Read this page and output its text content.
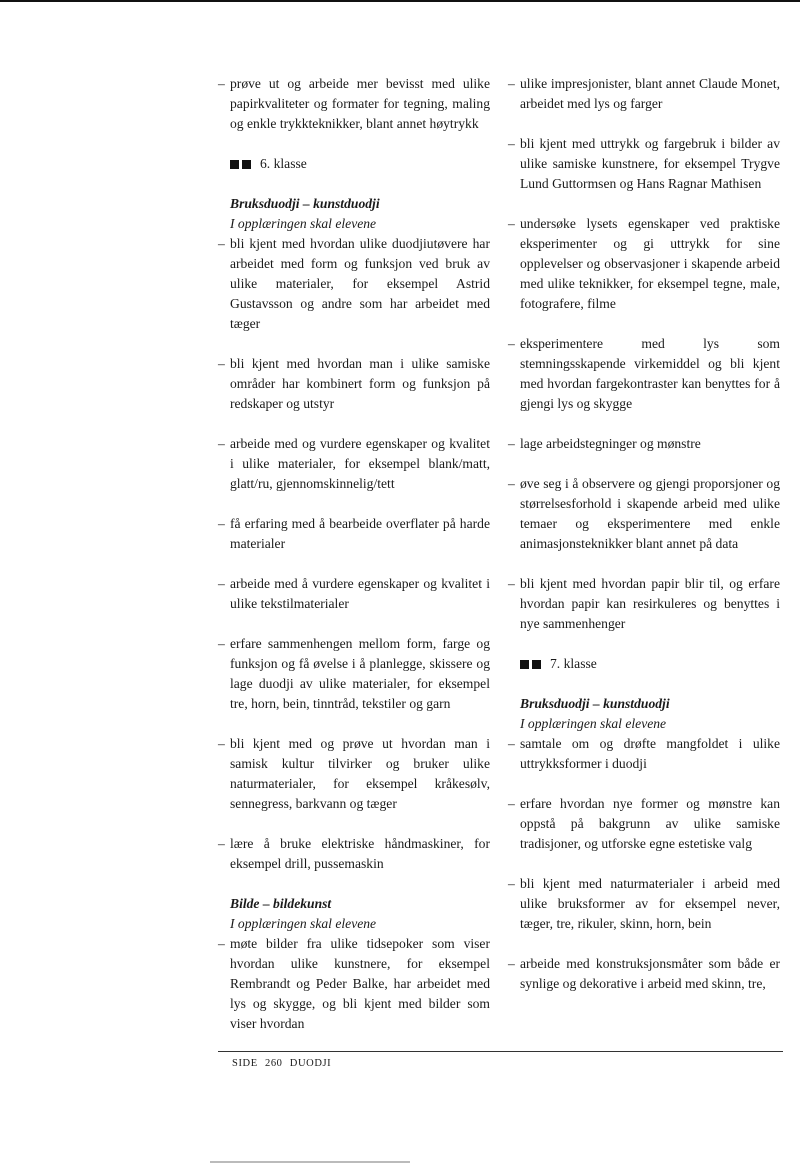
– prøve ut og arbeide mer bevisst med ulike papirkvaliteter og formater for tegning, maling og enkle trykkteknikker, blant annet høytrykk
6. klasse
Bruksduodji – kunstduodji
I opplæringen skal elevene
– bli kjent med hvordan ulike duodjiutøvere har arbeidet med form og funksjon ved bruk av ulike materialer, for eksempel Astrid Gustavsson og andre som har arbeidet med tæger
– bli kjent med hvordan man i ulike samiske områder har kombinert form og funksjon på redskaper og utstyr
– arbeide med og vurdere egenskaper og kvalitet i ulike materialer, for eksempel blank/matt, glatt/ru, gjennomskinnelig/tett
– få erfaring med å bearbeide overflater på harde materialer
– arbeide med å vurdere egenskaper og kvalitet i ulike tekstilmaterialer
– erfare sammenhengen mellom form, farge og funksjon og få øvelse i å planlegge, skissere og lage duodji av ulike materialer, for eksempel tre, horn, bein, tinntråd, tekstiler og garn
– bli kjent med og prøve ut hvordan man i samisk kultur tilvirker og bruker ulike naturmaterialer, for eksempel kråkesølv, sennegress, barkvann og tæger
– lære å bruke elektriske håndmaskiner, for eksempel drill, pussemaskin
Bilde – bildekunst
I opplæringen skal elevene
– møte bilder fra ulike tidsepoker som viser hvordan ulike kunstnere, for eksempel Rembrandt og Peder Balke, har arbeidet med lys og skygge, og bli kjent med bilder som viser hvordan
– ulike impresjonister, blant annet Claude Monet, arbeidet med lys og farger
– bli kjent med uttrykk og fargebruk i bilder av ulike samiske kunstnere, for eksempel Trygve Lund Guttormsen og Hans Ragnar Mathisen
– undersøke lysets egenskaper ved praktiske eksperimenter og gi uttrykk for sine opplevelser og observasjoner i skapende arbeid med ulike teknikker, for eksempel tegne, male, fotografere, filme
– eksperimentere med lys som stemningsskapende virkemiddel og bli kjent med hvordan fargekontraster kan benyttes for å gjengi lys og skygge
– lage arbeidstegninger og mønstre
– øve seg i å observere og gjengi proporsjoner og størrelsesforhold i skapende arbeid med ulike temaer og eksperimentere med enkle animasjonsteknikker blant annet på data
– bli kjent med hvordan papir blir til, og erfare hvordan papir kan resirkuleres og benyttes i nye sammenhenger
7. klasse
Bruksduodji – kunstduodji
I opplæringen skal elevene
– samtale om og drøfte mangfoldet i ulike uttrykksformer i duodji
– erfare hvordan nye former og mønstre kan oppstå på bakgrunn av ulike samiske tradisjoner, og utforske egne estetiske valg
– bli kjent med naturmaterialer i arbeid med ulike bruksformer av for eksempel never, tæger, tre, rikuler, skinn, horn, bein
– arbeide med konstruksjonsmåter som både er synlige og dekorative i arbeid med skinn, tre,
SIDE 260 DUODJI
